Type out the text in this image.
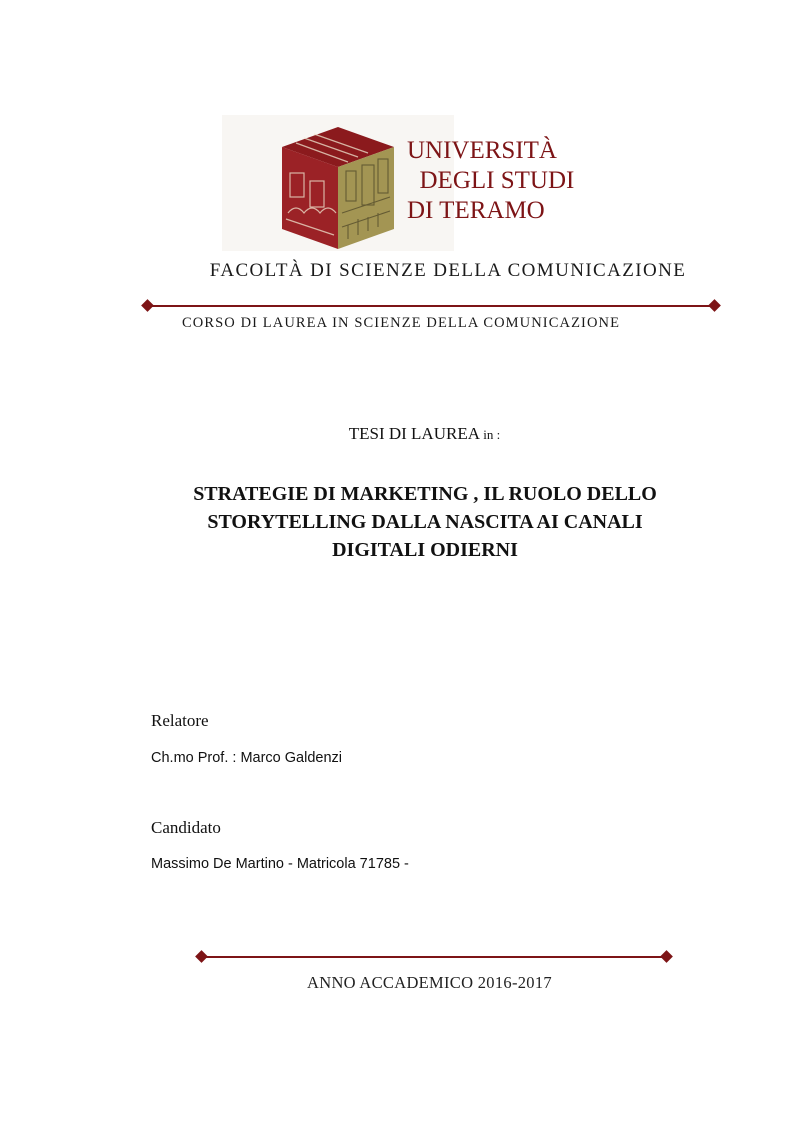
UNIVERSITÀ
DEGLI STUDI
DI TERAMO
FACOLTÀ DI SCIENZE DELLA COMUNICAZIONE
CORSO DI LAUREA IN SCIENZE DELLA COMUNICAZIONE
TESI DI LAUREA in :
STRATEGIE DI MARKETING , IL RUOLO DELLO
STORYTELLING DALLA NASCITA AI CANALI
DIGITALI ODIERNI
Relatore
Ch.mo Prof. : Marco Galdenzi
Candidato
Massimo De Martino - Matricola 71785 -
ANNO ACCADEMICO 2016-2017
